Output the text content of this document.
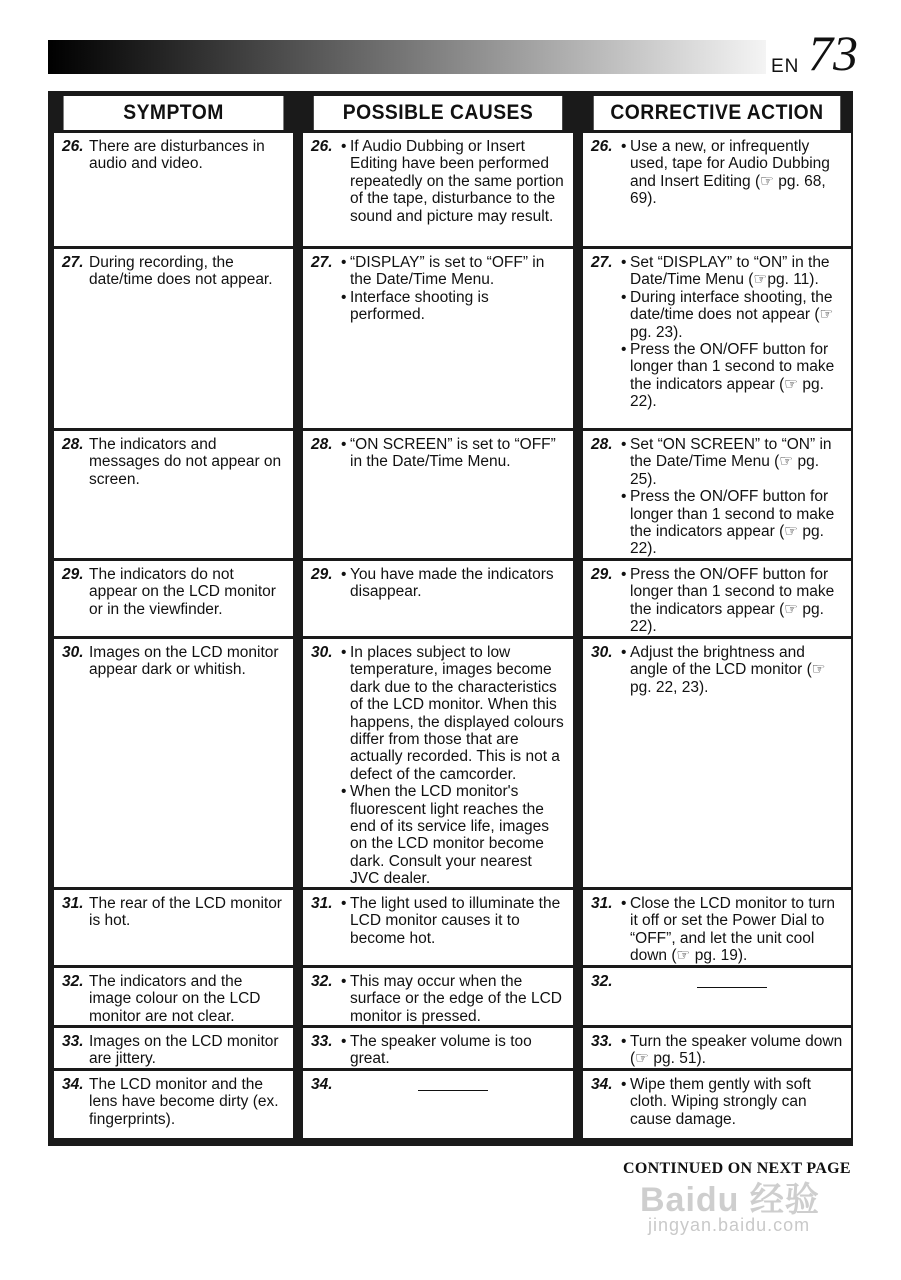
EN 73
SYMPTOM	POSSIBLE CAUSES	CORRECTIVE ACTION
26. There are disturbances in audio and video.
26. • If Audio Dubbing or Insert Editing have been performed repeatedly on the same portion of the tape, disturbance to the sound and picture may result.
26. • Use a new, or infrequently used, tape for Audio Dubbing and Insert Editing (☞ pg. 68, 69).
27. During recording, the date/time does not appear.
27. • “DISPLAY” is set to “OFF” in the Date/Time Menu.
• Interface shooting is performed.
27. • Set “DISPLAY” to “ON” in the Date/Time Menu (☞pg. 11).
• During interface shooting, the date/time does not appear (☞ pg. 23).
• Press the ON/OFF button for longer than 1 second to make the indicators appear (☞ pg. 22).
28. The indicators and messages do not appear on screen.
28. • “ON SCREEN” is set to “OFF” in the Date/Time Menu.
28. • Set “ON SCREEN” to “ON” in the Date/Time Menu (☞ pg. 25).
• Press the ON/OFF button for longer than 1 second to make the indicators appear (☞ pg. 22).
29. The indicators do not appear on the LCD monitor or in the viewfinder.
29. • You have made the indicators disappear.
29. • Press the ON/OFF button for longer than 1 second to make the indicators appear (☞ pg. 22).
30. Images on the LCD monitor appear dark or whitish.
30. • In places subject to low temperature, images become dark due to the characteristics of the LCD monitor. When this happens, the displayed colours differ from those that are actually recorded. This is not a defect of the camcorder.
• When the LCD monitor's fluorescent light reaches the end of its service life, images on the LCD monitor become dark. Consult your nearest JVC dealer.
30. • Adjust the brightness and angle of the LCD monitor (☞ pg. 22, 23).
31. The rear of the LCD monitor is hot.
31. • The light used to illuminate the LCD monitor causes it to become hot.
31. • Close the LCD monitor to turn it off or set the Power Dial to “OFF”, and let the unit cool down (☞ pg. 19).
32. The indicators and the image colour on the LCD monitor are not clear.
32. • This may occur when the surface or the edge of the LCD monitor is pressed.
32.
33. Images on the LCD monitor are jittery.
33. • The speaker volume is too great.
33. • Turn the speaker volume down (☞ pg. 51).
34. The LCD monitor and the lens have become dirty (ex. fingerprints).
34.	34. • Wipe them gently with soft cloth. Wiping strongly can cause damage.
CONTINUED ON NEXT PAGE
Baidu 经验
jingyan.baidu.com
